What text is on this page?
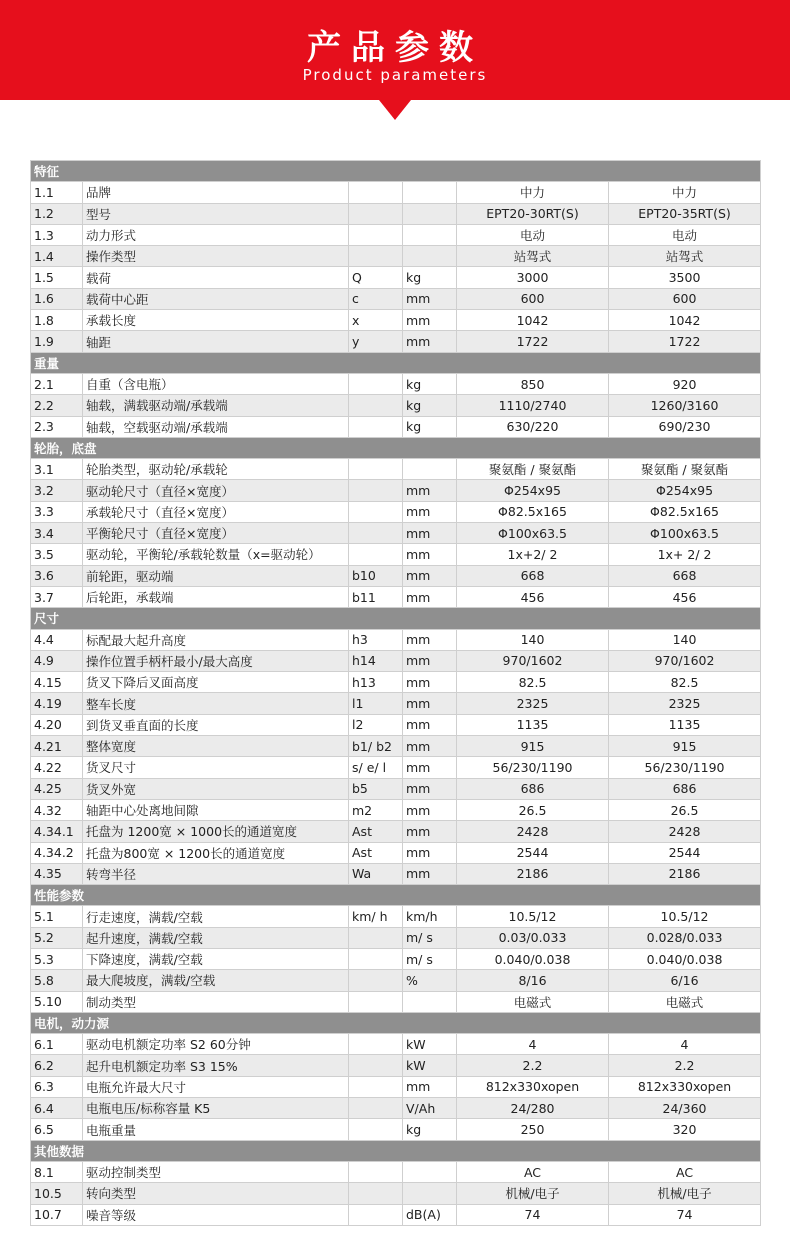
产品参数
Product parameters
特征					
1.1	品牌			中力	中力
1.2	型号			EPT20-30RT(S)	EPT20-35RT(S)
1.3	动力形式			电动	电动
1.4	操作类型			站驾式	站驾式
1.5	载荷	Q	kg	3000	3500
1.6	载荷中心距	c	mm	600	600
1.8	承载长度	x	mm	1042	1042
1.9	轴距	y	mm	1722	1722
重量					
2.1	自重（含电瓶）		kg	850	920
2.2	轴载，满载驱动端/承载端		kg	1110/2740	1260/3160
2.3	轴载，空载驱动端/承载端		kg	630/220	690/230
轮胎，底盘					
3.1	轮胎类型，驱动轮/承载轮			聚氨酯 / 聚氨酯	聚氨酯 / 聚氨酯
3.2	驱动轮尺寸（直径×宽度）		mm	Φ254x95	Φ254x95
3.3	承载轮尺寸（直径×宽度）		mm	Φ82.5x165	Φ82.5x165
3.4	平衡轮尺寸（直径×宽度）		mm	Φ100x63.5	Φ100x63.5
3.5	驱动轮，平衡轮/承载轮数量（x=驱动轮）		mm	1x+2/ 2	1x+ 2/ 2
3.6	前轮距，驱动端	b10	mm	668	668
3.7	后轮距，承载端	b11	mm	456	456
尺寸					
4.4	标配最大起升高度	h3	mm	140	140
4.9	操作位置手柄杆最小/最大高度	h14	mm	970/1602	970/1602
4.15	货叉下降后叉面高度	h13	mm	82.5	82.5
4.19	整车长度	l1	mm	2325	2325
4.20	到货叉垂直面的长度	l2	mm	1135	1135
4.21	整体宽度	b1/ b2	mm	915	915
4.22	货叉尺寸	s/ e/ l	mm	56/230/1190	56/230/1190
4.25	货叉外宽	b5	mm	686	686
4.32	轴距中心处离地间隙	m2	mm	26.5	26.5
4.34.1	托盘为 1200宽 × 1000长的通道宽度	Ast	mm	2428	2428
4.34.2	托盘为800宽 × 1200长的通道宽度	Ast	mm	2544	2544
4.35	转弯半径	Wa	mm	2186	2186
性能参数					
5.1	行走速度，满载/空载	km/ h	km/h	10.5/12	10.5/12
5.2	起升速度，满载/空载		m/ s	0.03/0.033	0.028/0.033
5.3	下降速度，满载/空载		m/ s	0.040/0.038	0.040/0.038
5.8	最大爬坡度，满载/空载		%	8/16	6/16
5.10	制动类型			电磁式	电磁式
电机，动力源					
6.1	驱动电机额定功率 S2 60分钟		kW	4	4
6.2	起升电机额定功率 S3 15%		kW	2.2	2.2
6.3	电瓶允许最大尺寸		mm	812x330xopen	812x330xopen
6.4	电瓶电压/标称容量 K5		V/Ah	24/280	24/360
6.5	电瓶重量		kg	250	320
其他数据					
8.1	驱动控制类型			AC	AC
10.5	转向类型			机械/电子	机械/电子
10.7	噪音等级		dB(A)	74	74
